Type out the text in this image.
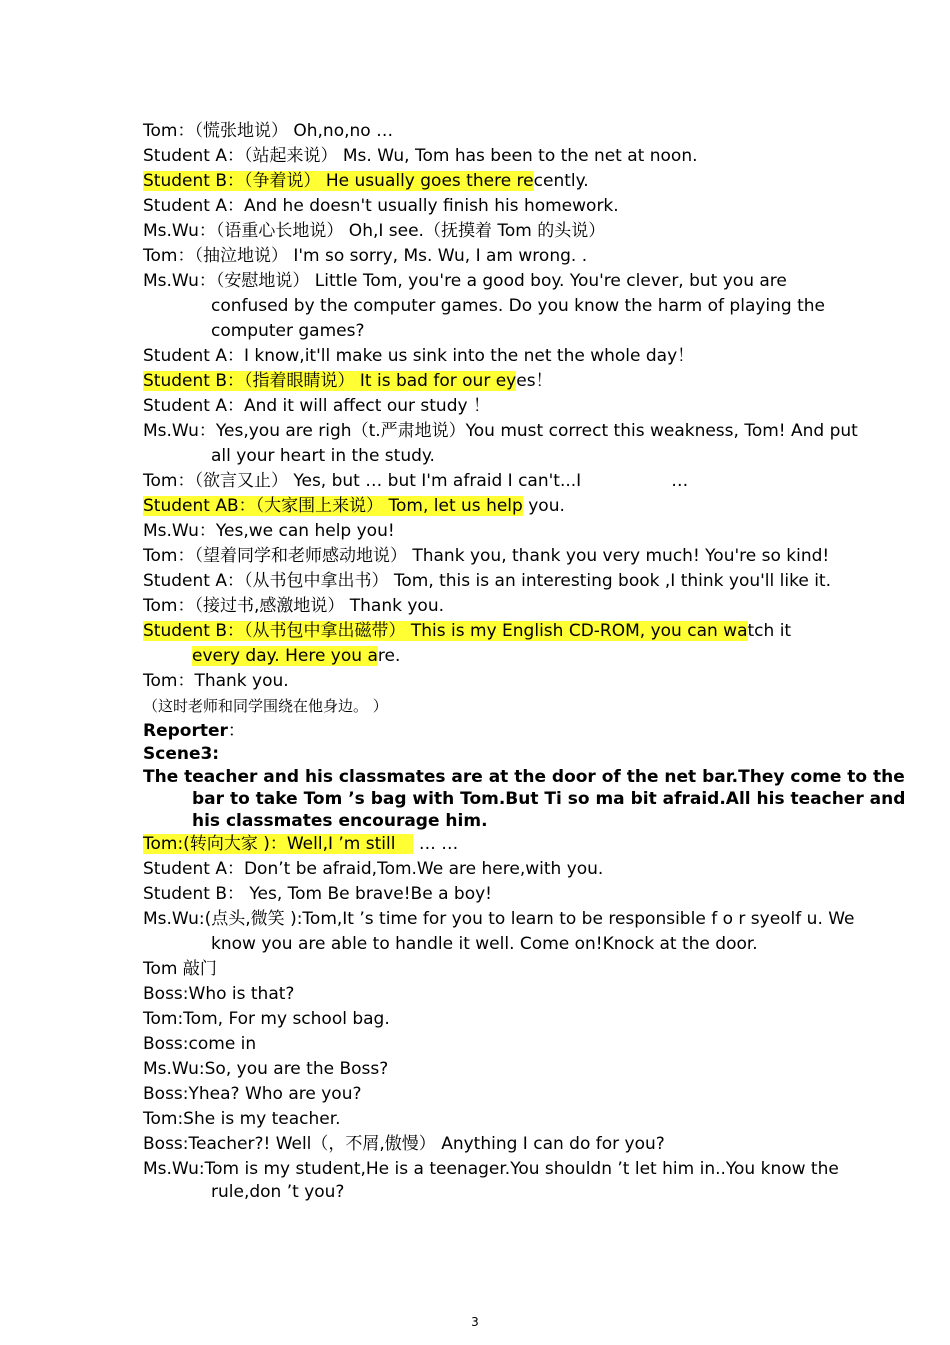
Tom：（慌张地说） Oh,no,no …
Student A：（站起来说） Ms. Wu, Tom has been to the net at noon.
Student B：（争着说） He usually goes there recently.
Student A：And he doesn't usually finish his homework.
Ms.Wu：（语重心长地说） Oh,I see.（抚摸着 Tom 的头说）
Tom：（抽泣地说） I'm so sorry, Ms. Wu, I am wrong. .
Ms.Wu：（安慰地说） Little Tom, you're a good boy. You're clever, but you are
confused by the computer games. Do you know the harm of playing the
computer games?
Student A：I know,it'll make us sink into the net the whole day！
Student B：（指着眼睛说） It is bad for our eyes！
Student A：And it will affect our study ！
Ms.Wu：Yes,you are righ（t.严肃地说）You must correct this weakness, Tom! And put
all your heart in the study.
Tom：（欲言又止） Yes, but … but I'm afraid I can't...I	…
Student AB：（大家围上来说） Tom, let us help you.
Ms.Wu：Yes,we can help you!
Tom：（望着同学和老师感动地说） Thank you, thank you very much! You're so kind!
Student A：（从书包中拿出书） Tom, this is an interesting book ,I think you'll like it.
Tom：（接过书,感激地说） Thank you.
Student B：（从书包中拿出磁带） This is my English CD-ROM, you can watch it
every day. Here you are.
Tom：Thank you.
（这时老师和同学围绕在他身边。 ）
Reporter：
Scene3:
The teacher and his classmates are at the door of the net bar.They come to the
bar to take Tom ’s bag with Tom.But Ti so ma bit afraid.All his teacher and
his classmates encourage him.
Tom:(转向大家 )：Well,I ’m still … …
Student A：Don’t be afraid,Tom.We are here,with you.
Student B： Yes, Tom Be brave!Be a boy!
Ms.Wu:(点头,微笑 ):Tom,It ’s time for you to learn to be responsible f o r syeolf u. We
know you are able to handle it well. Come on!Knock at the door.
Tom 敲门
Boss:Who is that?
Tom:Tom, For my school bag.
Boss:come in
Ms.Wu:So, you are the Boss?
Boss:Yhea? Who are you?
Tom:She is my teacher.
Boss:Teacher?! Well（，不屑,傲慢） Anything I can do for you?
Ms.Wu:Tom is my student,He is a teenager.You shouldn ’t let him in..You know the
rule,don ’t you?
3
